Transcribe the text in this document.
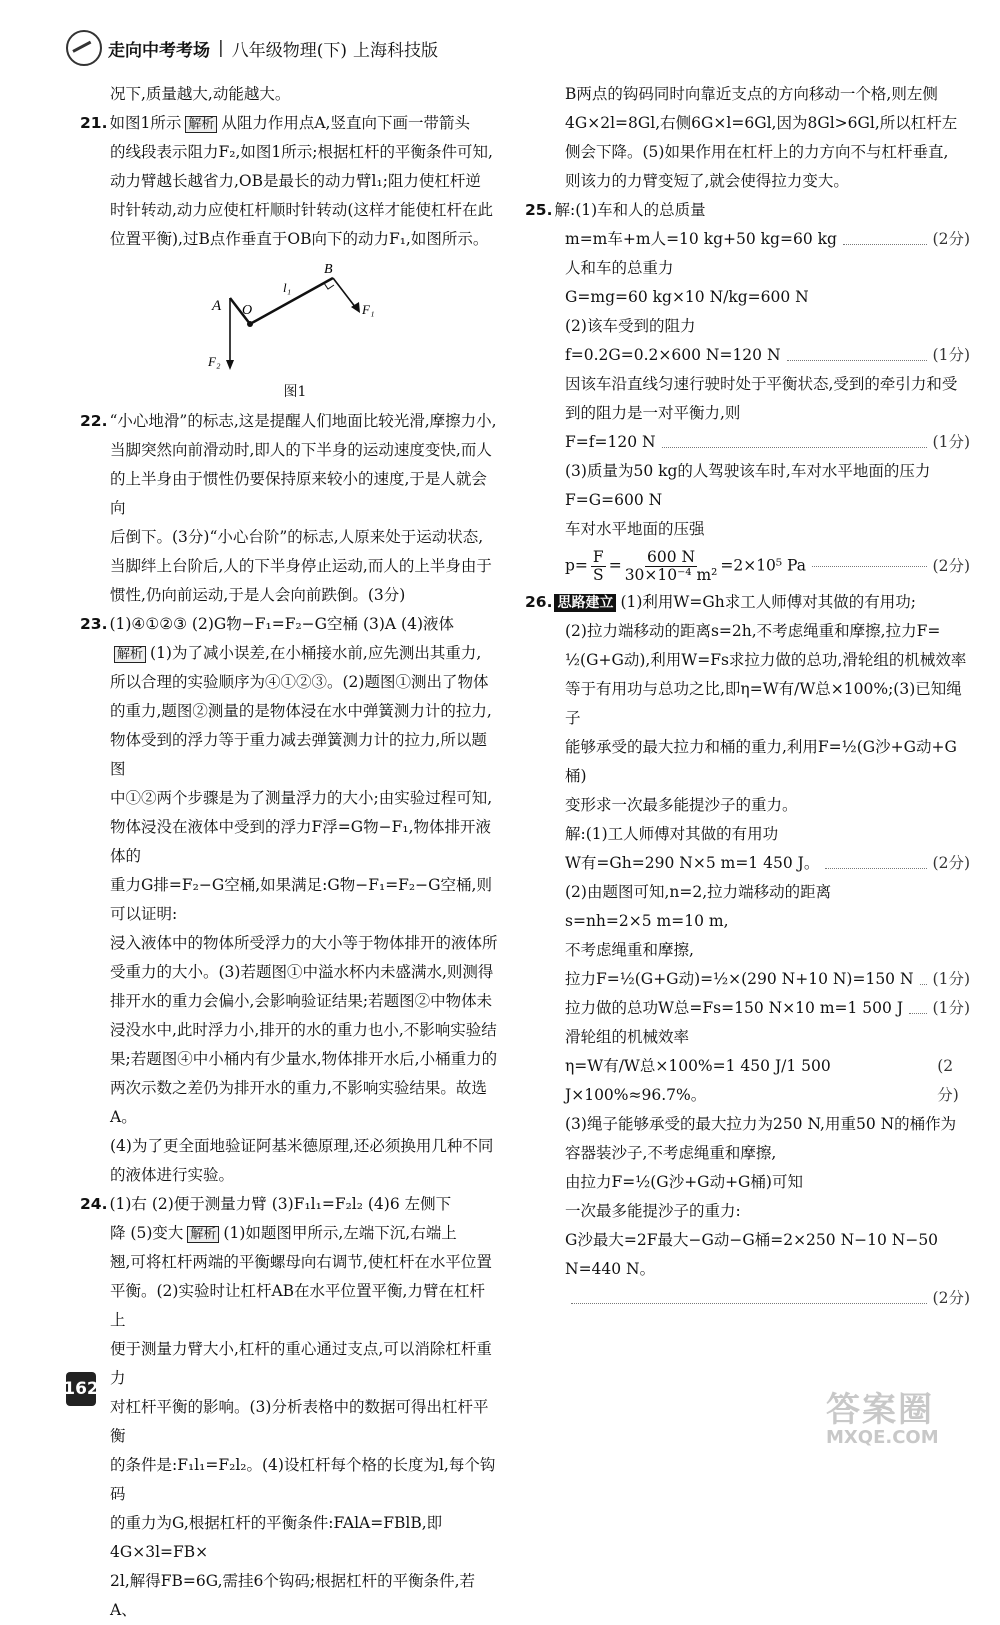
走向中考考场 | 八年级物理(下) 上海科技版

况下,质量越大,动能越大。

21. 如图1所示 解析 从阻力作用点A,竖直向下画一带箭头

的线段表示阻力F₂,如图1所示;根据杠杆的平衡条件可知,

动力臂越长越省力,OB是最长的动力臂l₁;阻力使杠杆逆

时针转动,动力应使杠杆顺时针转动(这样才能使杠杆在此

位置平衡),过B点作垂直于OB向下的动力F₁,如图所示。

A O
B
l₁
F₁
F₂

图1

22. “小心地滑”的标志,这是提醒人们地面比较光滑,摩擦力小,

当脚突然向前滑动时,即人的下半身的运动速度变快,而人

的上半身由于惯性仍要保持原来较小的速度,于是人就会向

后倒下。(3分)“小心台阶”的标志,人原来处于运动状态,

当脚绊上台阶后,人的下半身停止运动,而人的上半身由于

惯性,仍向前运动,于是人会向前跌倒。(3分)

23. (1)④①②③ (2)G物−F₁=F₂−G空桶 (3)A (4)液体

解析 (1)为了减小误差,在小桶接水前,应先测出其重力,

所以合理的实验顺序为④①②③。(2)题图①测出了物体

的重力,题图②测量的是物体浸在水中弹簧测力计的拉力,

物体受到的浮力等于重力减去弹簧测力计的拉力,所以题图

中①②两个步骤是为了测量浮力的大小;由实验过程可知,

物体浸没在液体中受到的浮力F浮=G物−F₁,物体排开液体的

重力G排=F₂−G空桶,如果满足:G物−F₁=F₂−G空桶,则可以证明:

浸入液体中的物体所受浮力的大小等于物体排开的液体所

受重力的大小。(3)若题图①中溢水杯内未盛满水,则测得

排开水的重力会偏小,会影响验证结果;若题图②中物体未

浸没水中,此时浮力小,排开的水的重力也小,不影响实验结

果;若题图④中小桶内有少量水,物体排开水后,小桶重力的

两次示数之差仍为排开水的重力,不影响实验结果。故选A。

(4)为了更全面地验证阿基米德原理,还必须换用几种不同

的液体进行实验。

24. (1)右 (2)便于测量力臂 (3)F₁l₁=F₂l₂ (4)6 左侧下

降 (5)变大 解析 (1)如题图甲所示,左端下沉,右端上

翘,可将杠杆两端的平衡螺母向右调节,使杠杆在水平位置

平衡。(2)实验时让杠杆AB在水平位置平衡,力臂在杠杆上

便于测量力臂大小,杠杆的重心通过支点,可以消除杠杆重力

对杠杆平衡的影响。(3)分析表格中的数据可得出杠杆平衡

的条件是:F₁l₁=F₂l₂。(4)设杠杆每个格的长度为l,每个钩码

的重力为G,根据杠杆的平衡条件:FAlA=FBlB,即4G×3l=FB×

2l,解得FB=6G,需挂6个钩码;根据杠杆的平衡条件,若A、

B两点的钩码同时向靠近支点的方向移动一个格,则左侧

4G×2l=8Gl,右侧6G×l=6Gl,因为8Gl>6Gl,所以杠杆左

侧会下降。(5)如果作用在杠杆上的力方向不与杠杆垂直,

则该力的力臂变短了,就会使得拉力变大。

25. 解:(1)车和人的总质量

m=m车+m人=10 kg+50 kg=60 kg	(2分)

人和车的总重力

G=mg=60 kg×10 N/kg=600 N

(2)该车受到的阻力

f=0.2G=0.2×600 N=120 N	(1分)

因该车沿直线匀速行驶时处于平衡状态,受到的牵引力和受

到的阻力是一对平衡力,则

F=f=120 N	(1分)

(3)质量为50 kg的人驾驶该车时,车对水平地面的压力

F=G=600 N

车对水平地面的压强

$p= \frac{F}{S} = \frac{600 N}{\text{30×10⁻⁴ m²}} =2\times 10^5$ Pa	(2分)

26. 思路建立 (1)利用W=Gh求工人师傅对其做的有用功;

(2)拉力端移动的距离s=2h,不考虑绳重和摩擦,拉力F=

½(G+G动),利用W=Fs求拉力做的总功,滑轮组的机械效率

等于有用功与总功之比,即η=W有/W总×100%;(3)已知绳子

能够承受的最大拉力和桶的重力,利用F=½(G沙+G动+G桶)

变形求一次最多能提沙子的重力。

解:(1)工人师傅对其做的有用功

W有=Gh=290 N×5 m=1 450 J。	(2分)

(2)由题图可知,n=2,拉力端移动的距离

s=nh=2×5 m=10 m,

不考虑绳重和摩擦,

拉力F=½(G+G动)=½×(290 N+10 N)=150 N (1分)
拉力做的总功W总=Fs=150 N×10 m=1 500 J (1分)

滑轮组的机械效率

η=W有/W总×100%=1 450 J/1 500 J×100%≈96.7%。
(2分)

(3)绳子能够承受的最大拉力为250 N,用重50 N的桶作为

容器装沙子,不考虑绳重和摩擦,

由拉力F=½(G沙+G动+G桶)可知

一次最多能提沙子的重力:

G沙最大=2F最大−G动−G桶=2×250 N−10 N−50 N=440 N。

(2分)
162
答案圈
MXQE.COM
